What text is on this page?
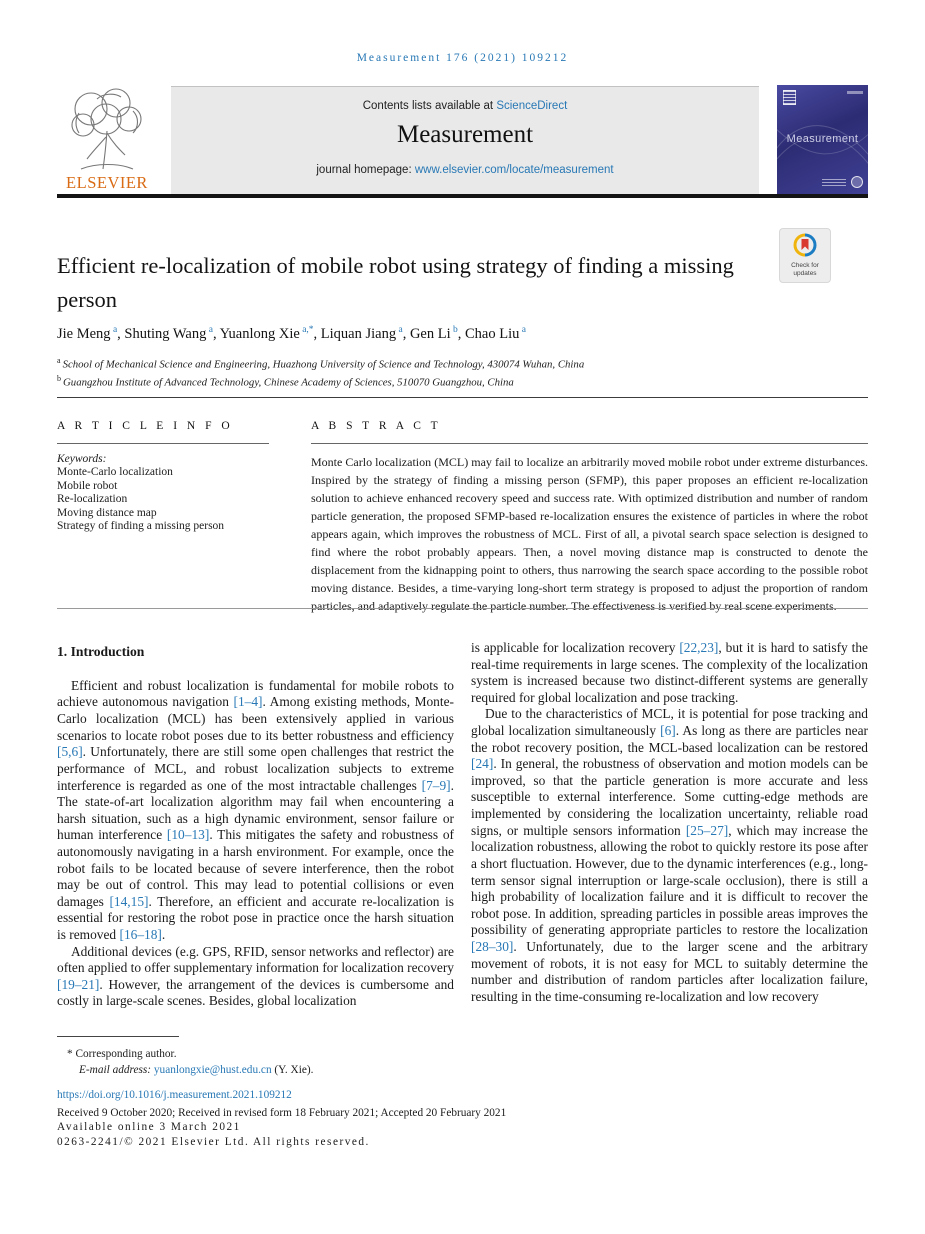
Measurement 176 (2021) 109212
ELSEVIER
Contents lists available at ScienceDirect
Measurement
journal homepage: www.elsevier.com/locate/measurement
Measurement
Check for
updates
Efficient re-localization of mobile robot using strategy of finding a missing person
Jie Meng $^a$, Shuting Wang $^a$, Yuanlong Xie $^{a,*}$, Liquan Jiang $^a$, Gen Li $^b$, Chao Liu $^a$
$^a$ School of Mechanical Science and Engineering, Huazhong University of Science and Technology, 430074 Wuhan, China
$^b$ Guangzhou Institute of Advanced Technology, Chinese Academy of Sciences, 510070 Guangzhou, China
A R T I C L E I N F O
Keywords:
Monte-Carlo localization
Mobile robot
Re-localization
Moving distance map
Strategy of finding a missing person
A B S T R A C T
Monte Carlo localization (MCL) may fail to localize an arbitrarily moved mobile robot under extreme disturbances. Inspired by the strategy of finding a missing person (SFMP), this paper proposes an efficient re-localization solution to achieve enhanced recovery speed and success rate. With optimized distribution and number of random particle generation, the proposed SFMP-based re-localization ensures the existence of particles in where the robot appears again, which improves the robustness of MCL. First of all, a pivotal search space selection is designed to find where the robot probably appears. Then, a novel moving distance map is constructed to denote the displacement from the kidnapping point to others, thus narrowing the search space according to the possible robot moving distance. Besides, a time-varying long-short term strategy is proposed to adjust the proportion of random particles, and adaptively regulate the particle number. The effectiveness is verified by real scene experiments.
1. Introduction

Efficient and robust localization is fundamental for mobile robots to achieve autonomous navigation [1–4]. Among existing methods, Monte-Carlo localization (MCL) has been extensively applied in various scenarios to locate robot poses due to its better robustness and efficiency [5,6]. Unfortunately, there are still some open challenges that restrict the performance of MCL, and robust localization subjects to extreme interference is regarded as one of the most intractable challenges [7–9]. The state-of-art localization algorithm may fail when encountering a harsh situation, such as a high dynamic environment, sensor failure or human interference [10–13]. This mitigates the safety and robustness of autonomously navigating in a harsh environment. For example, once the robot fails to be located because of severe interference, then the robot may be out of control. This may lead to potential collisions or even damages [14,15]. Therefore, an efficient and accurate re-localization is essential for restoring the robot pose in practice once the harsh situation is removed [16–18].

Additional devices (e.g. GPS, RFID, sensor networks and reflector) are often applied to offer supplementary information for localization recovery [19–21]. However, the arrangement of the devices is cumbersome and costly in large-scale scenes. Besides, global localization

is applicable for localization recovery [22,23], but it is hard to satisfy the real-time requirements in large scenes. The complexity of the localization system is increased because two distinct-different systems are generally required for global localization and pose tracking.

Due to the characteristics of MCL, it is potential for pose tracking and global localization simultaneously [6]. As long as there are particles near the robot recovery position, the MCL-based localization can be restored [24]. In general, the robustness of observation and motion models can be improved, so that the particle generation is more accurate and less susceptible to external interference. Some cutting-edge methods are implemented by considering the localization uncertainty, reliable road signs, or multiple sensors information [25–27], which may increase the localization robustness, allowing the robot to quickly restore its pose after a short fluctuation. However, due to the dynamic interferences (e.g., long-term sensor signal interruption or large-scale occlusion), there is still a high probability of localization failure and it is difficult to recover the robot pose. In addition, spreading particles in possible areas improves the possibility of generating appropriate particles to restore the localization [28–30]. Unfortunately, due to the larger scene and the arbitrary movement of robots, it is not easy for MCL to suitably determine the number and distribution of random particles after localization failure, resulting in the time-consuming re-localization and low recovery

* Corresponding author.
E-mail address: yuanlongxie@hust.edu.cn (Y. Xie).
https://doi.org/10.1016/j.measurement.2021.109212
Received 9 October 2020; Received in revised form 18 February 2021; Accepted 20 February 2021
Available online 3 March 2021
0263-2241/© 2021 Elsevier Ltd. All rights reserved.
